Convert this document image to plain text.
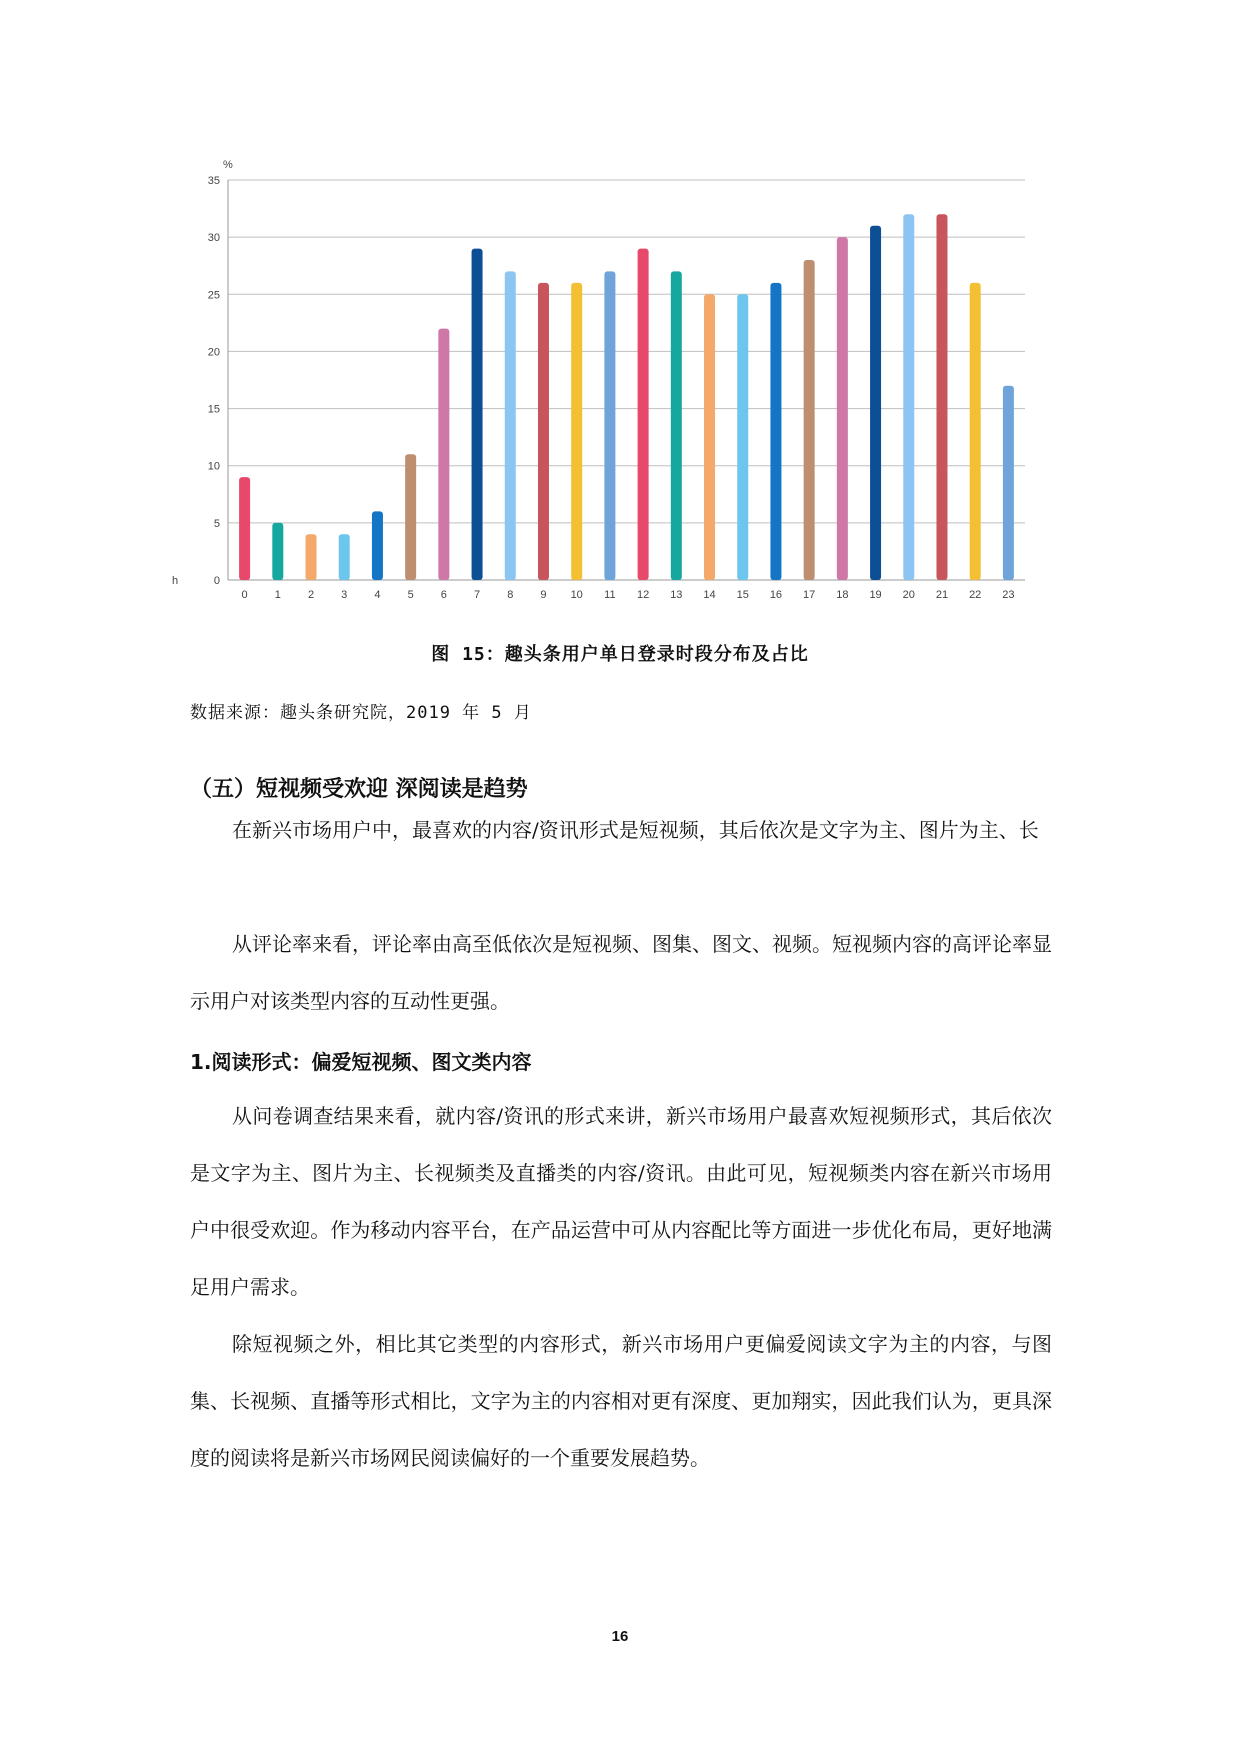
%
h	0
5
10
15
20
25
30
35
0 1 2 3 4 5 6 7 8 9 10 11 12 13 14 15 16 17 18 19 20 21 22 23
图 15：趣头条用户单日登录时段分布及占比
数据来源：趣头条研究院，2019 年 5 月
（五）短视频受欢迎 深阅读是趋势

在新兴市场用户中，最喜欢的内容/资讯形式是短视频，其后依次是文字为主、图片为主、长

从评论率来看，评论率由高至低依次是短视频、图集、图文、视频。短视频内容的高评论率显示用户对该类型内容的互动性更强。

1.阅读形式：偏爱短视频、图文类内容

从问卷调查结果来看，就内容/资讯的形式来讲，新兴市场用户最喜欢短视频形式，其后依次是文字为主、图片为主、长视频类及直播类的内容/资讯。由此可见，短视频类内容在新兴市场用户中很受欢迎。作为移动内容平台，在产品运营中可从内容配比等方面进一步优化布局，更好地满足用户需求。

除短视频之外，相比其它类型的内容形式，新兴市场用户更偏爱阅读文字为主的内容，与图集、长视频、直播等形式相比，文字为主的内容相对更有深度、更加翔实，因此我们认为，更具深度的阅读将是新兴市场网民阅读偏好的一个重要发展趋势。

16
